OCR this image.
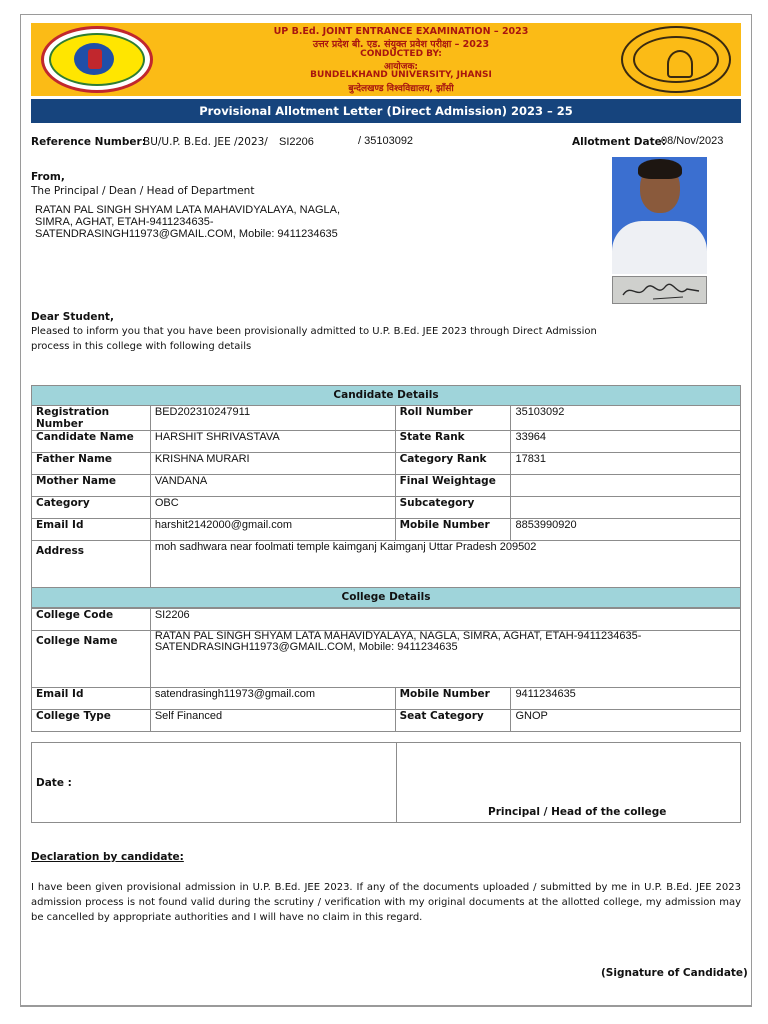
UP B.Ed. JOINT ENTRANCE EXAMINATION – 2023
उत्तर प्रदेश बी. एड. संयुक्त प्रवेश परीक्षा – 2023
CONDUCTED BY:
आयोजक:
BUNDELKHAND UNIVERSITY, JHANSI
बुन्देलखण्ड विश्वविद्यालय, झाँसी
Provisional Allotment Letter (Direct Admission) 2023 – 25
Reference Number:
BU/U.P. B.Ed. JEE /2023/ SI2206	/ 35103092	Allotment Date:
08/Nov/2023
From,
The Principal / Dean / Head of Department
RATAN PAL SINGH SHYAM LATA MAHAVIDYALAYA, NAGLA,
SIMRA, AGHAT, ETAH-9411234635-
SATENDRASINGH11973@GMAIL.COM, Mobile: 9411234635
Dear Student,
Pleased to inform you that you have been provisionally admitted to U.P. B.Ed. JEE 2023 through Direct Admission
process in this college with following details
Candidate Details
Registration Number	BED202310247911	Roll Number	35103092
Candidate Name	HARSHIT SHRIVASTAVA	State Rank	33964
Father Name	KRISHNA MURARI	Category Rank	17831
Mother Name	VANDANA	Final Weightage	
Category	OBC	Subcategory	
Email Id	harshit2142000@gmail.com	Mobile Number	8853990920
Address	moh sadhwara near foolmati temple kaimganj Kaimganj Uttar Pradesh 209502		
College Details
College Code	SI2206		
College Name	RATAN PAL SINGH SHYAM LATA MAHAVIDYALAYA, NAGLA, SIMRA, AGHAT, ETAH-9411234635-
SATENDRASINGH11973@GMAIL.COM, Mobile: 9411234635		

Email Id	satendrasingh11973@gmail.com	Mobile Number	9411234635
College Type	Self Financed	Seat Category	GNOP
Date :
Principal / Head of the college
Declaration by candidate:
I have been given provisional admission in U.P. B.Ed. JEE 2023. If any of the documents uploaded / submitted by me in U.P. B.Ed. JEE 2023 admission process is not found valid during the scrutiny / verification with my original documents at the allotted college, my admission may be cancelled by appropriate authorities and I will have no claim in this regard.
(Signature of Candidate)
